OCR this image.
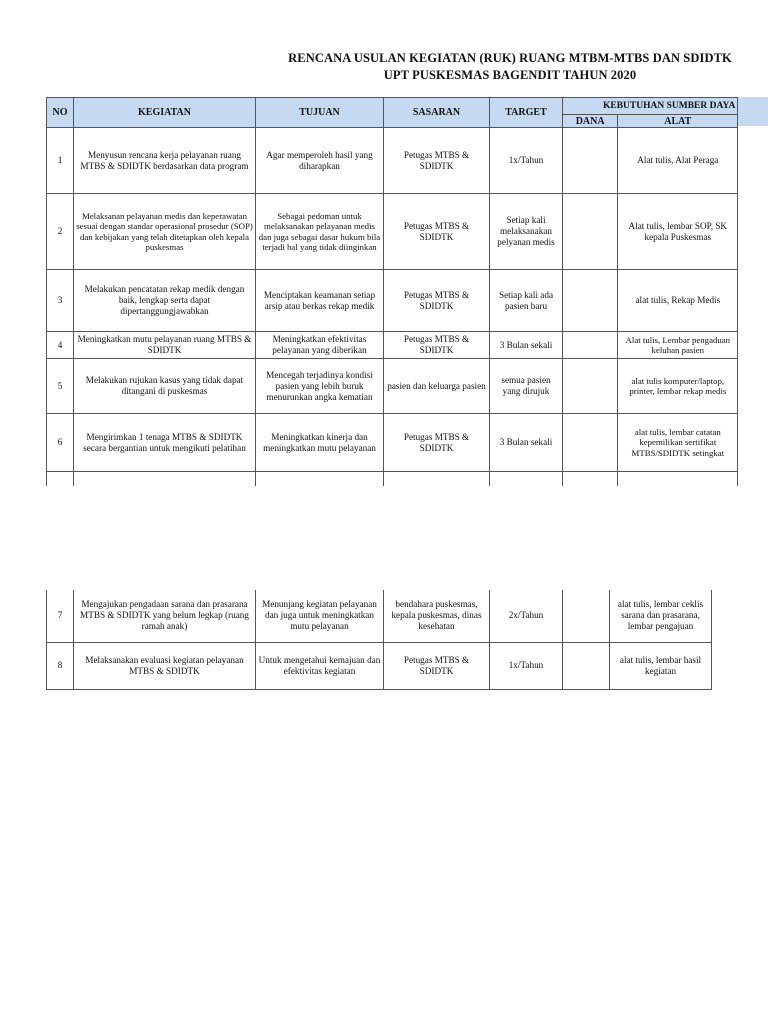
RENCANA USULAN KEGIATAN (RUK) RUANG MTBM-MTBS DAN SDIDTK
UPT PUSKESMAS BAGENDIT TAHUN 2020
NO	KEGIATAN	TUJUAN	SASARAN	TARGET	KEBUTUHAN SUMBER DAYA	
					DANA	ALAT
1	Menyusun rencana kerja pelayanan ruang MTBS & SDIDTK berdasarkan data program	Agar memperoleh hasil yang diharapkan	Petugas MTBS & SDIDTK	1x/Tahun		Alat tulis, Alat Peraga
2	Melaksanan pelayanan medis dan keperawatan sesuai dengan standar operasional prosedur (SOP) dan kebijakan yang telah ditetapkan oleh kepala puskesmas	Sebagai pedoman untuk melaksanakan pelayanan medis dan juga sebagai dasar hukum bila terjadi hal yang tidak diinginkan	Petugas MTBS & SDIDTK	Setiap kali melaksanakan pelyanan medis		Alat tulis, lembar SOP, SK kepala Puskesmas
3	Melakukan pencatatan rekap medik dengan baik, lengkap serta dapat dipertanggungjawabkan	Menciptakan keamanan setiap arsip atau berkas rekap medik	Petugas MTBS & SDIDTK	Setiap kali ada pasien baru		alat tulis, Rekap Medis
4	Meningkatkan mutu pelayanan ruang MTBS & SDIDTK	Meningkatkan efektivitas pelayanan yang diberikan	Petugas MTBS & SDIDTK	3 Bulan sekali		Alat tulis, Lembar pengaduan keluhan pasien
5	Melakukan rujukan kasus yang tidak dapat ditangani di puskesmas	Mencegah terjadinya kondisi pasien yang lebih buruk menurunkan angka kematian	pasien dan keluarga pasien	semua pasien yang dirujuk		alat tulis komputer/laptop, printer, lembar rekap medis
6	Mengirimkan 1 tenaga MTBS & SDIDTK secara bergantian untuk mengikuti pelatihan	Meningkatkan kinerja dan meningkatkan mutu pelayanan	Petugas MTBS & SDIDTK	3 Bulan sekali		alat tulis, lembar catatan kepemilikan sertifikat MTBS/SDIDTK setingkat

7	Mengajukan pengadaan sarana dan prasarana MTBS & SDIDTK yang belum legkap (ruang ramah anak)	Menunjang kegiatan pelayanan dan juga untuk meningkatkan mutu pelayanan	bendahara puskesmas, kepala puskesmas, dinas kesehatan	2x/Tahun		alat tulis, lembar ceklis sarana dan prasarana, lembar pengajuan
8	Melaksanakan evaluasi kegiatan pelayanan MTBS & SDIDTK	Untuk mengetahui kemajuan dan efektivitas kegiatan	Petugas MTBS & SDIDTK	1x/Tahun		alat tulis, lembar hasil kegiatan
